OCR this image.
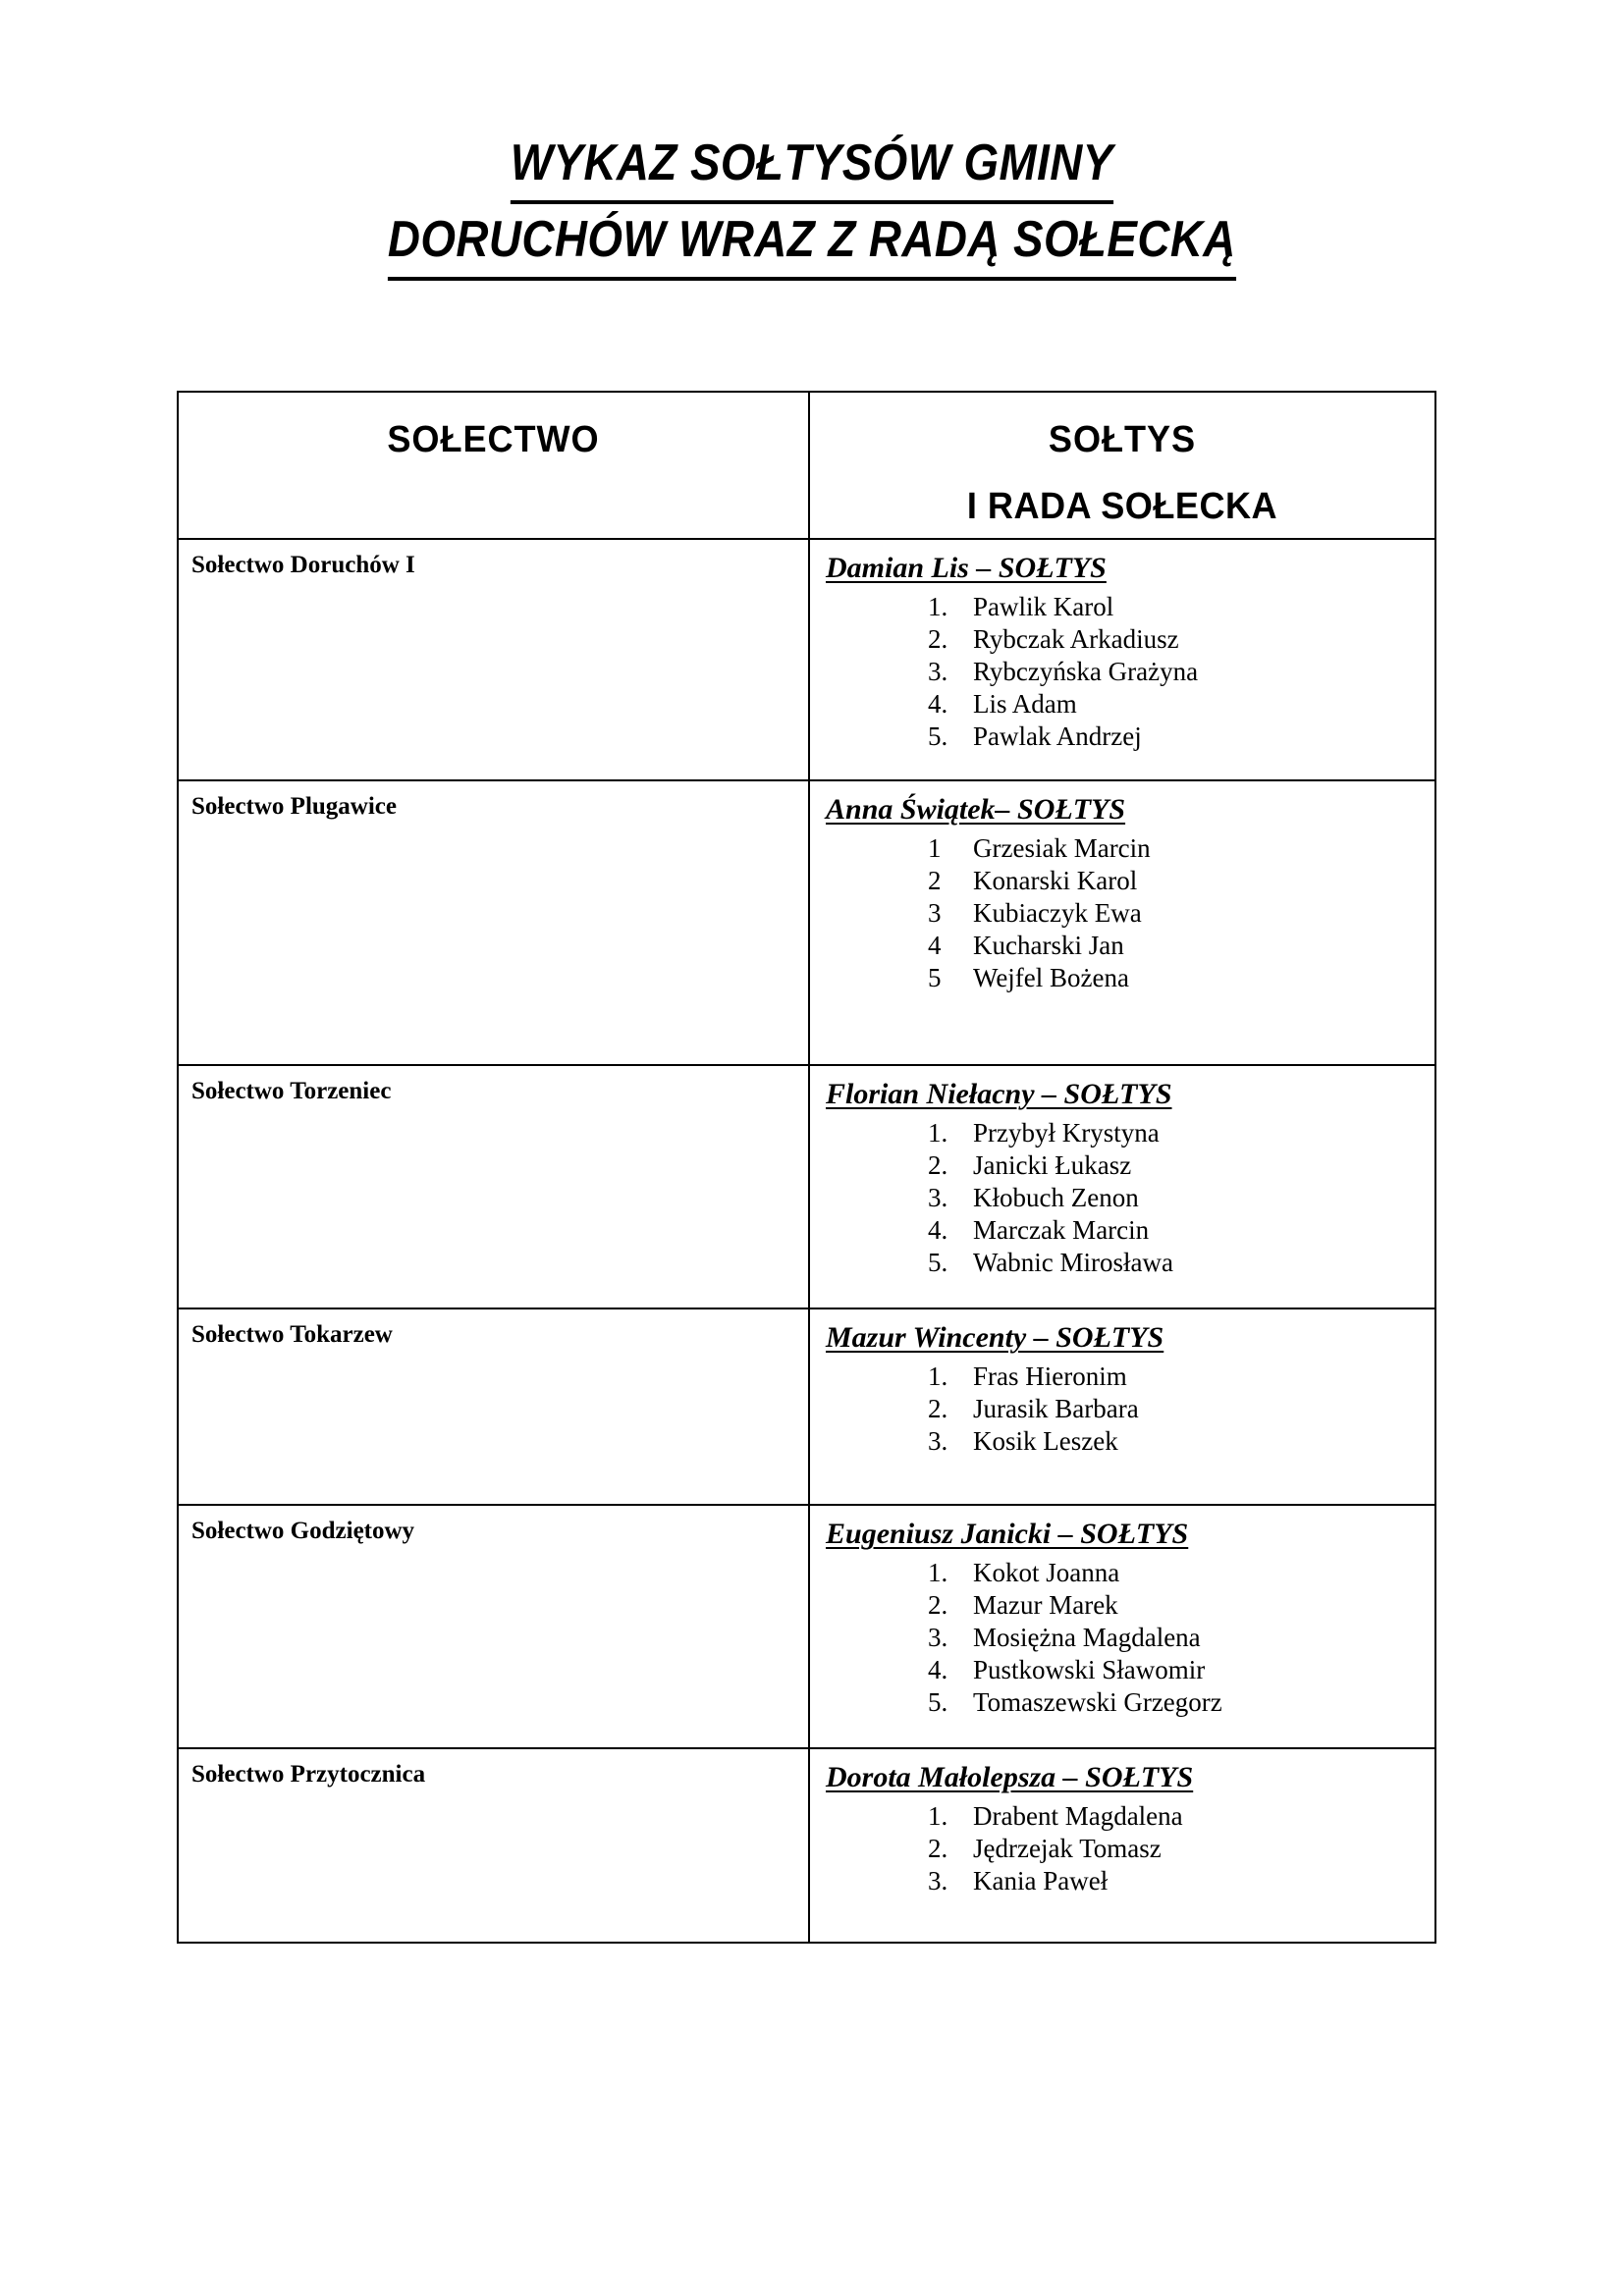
WYKAZ SOŁTYSÓW GMINY
DORUCHÓW WRAZ Z RADĄ SOŁECKĄ
SOŁECTWO	SOŁTYS
I RADA SOŁECKA

Sołectwo Doruchów I	Damian Lis – SOŁTYS
1. Pawlik Karol
2. Rybczak Arkadiusz
3. Rybczyńska Grażyna
4. Lis Adam
5. Pawlak Andrzej

Sołectwo Plugawice	Anna Świątek– SOŁTYS
1	Grzesiak Marcin
2	Konarski Karol
3	Kubiaczyk Ewa
4	Kucharski Jan
5	Wejfel Bożena

Sołectwo Torzeniec	Florian Niełacny – SOŁTYS
1. Przybył Krystyna
2. Janicki Łukasz
3. Kłobuch Zenon
4. Marczak Marcin
5. Wabnic Mirosława

Sołectwo Tokarzew	Mazur Wincenty – SOŁTYS
1. Fras Hieronim
2. Jurasik Barbara
3. Kosik Leszek

Sołectwo Godziętowy	Eugeniusz Janicki – SOŁTYS
1. Kokot Joanna
2. Mazur Marek
3. Mosiężna Magdalena
4. Pustkowski Sławomir
5. Tomaszewski Grzegorz

Sołectwo Przytocznica	Dorota Małolepsza – SOŁTYS
1. Drabent Magdalena
2. Jędrzejak Tomasz
3. Kania Paweł
